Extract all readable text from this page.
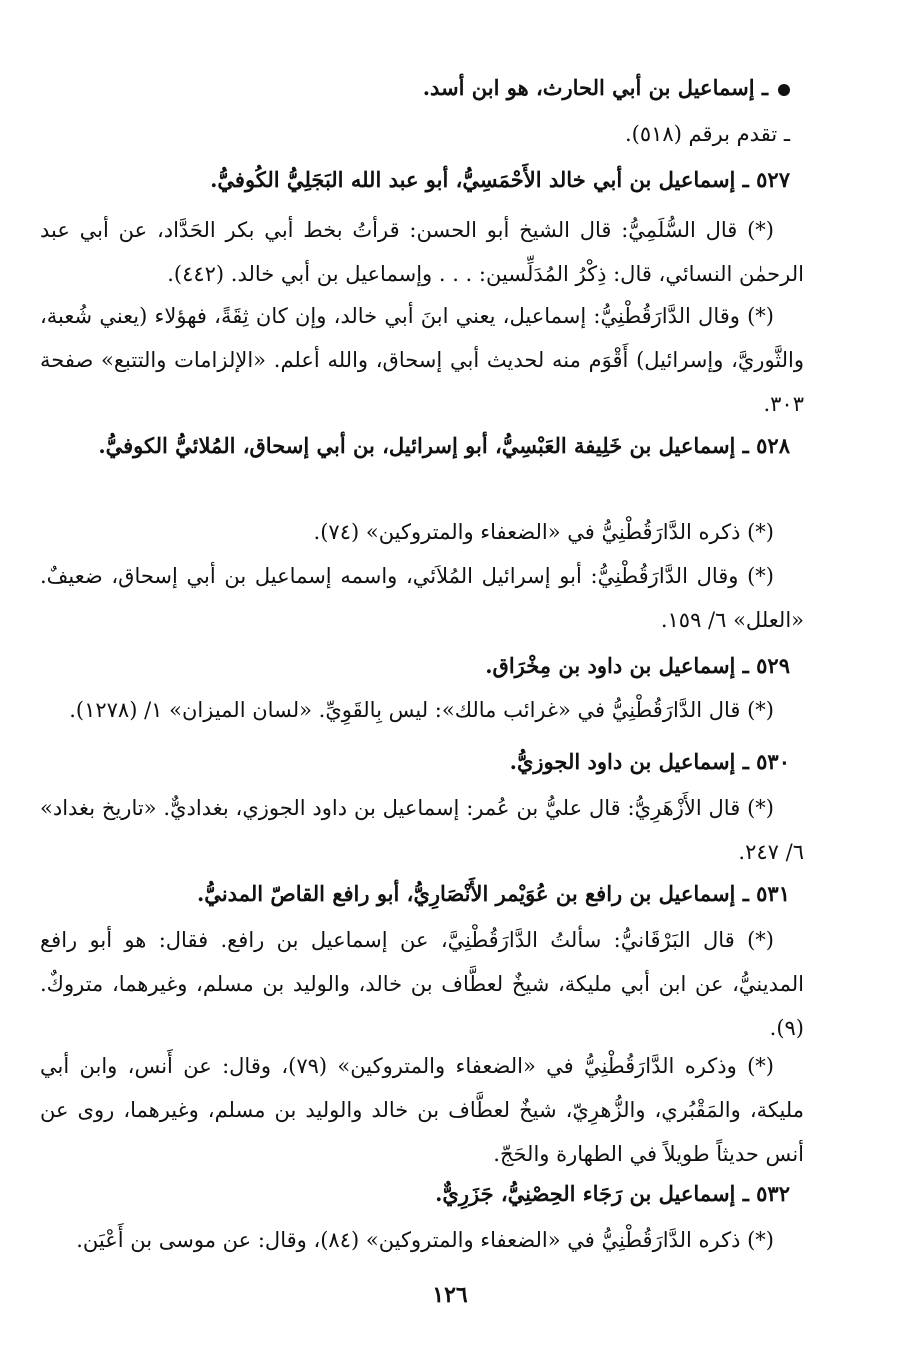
ـ إسماعيل بن أبي الحارث، هو ابن أسد.

ـ تقدم برقم (٥١٨).

٥٢٧ ـ إسماعيل بن أبي خالد الأَحْمَسِيُّ، أبو عبد الله البَجَلِيُّ الكُوفيُّ.

(*) قال السُّلَمِيُّ: قال الشيخ أبو الحسن: قرأتُ بخط أبي بكر الحَدَّاد، عن أبي عبد الرحمٰن النسائي، قال: ذِكْرُ المُدَلِّسين: . . . وإسماعيل بن أبي خالد. (٤٤٢).

(*) وقال الدَّارَقُطْنِيُّ: إسماعيل، يعني ابنَ أبي خالد، وإن كان ثِقَةً، فهؤلاء (يعني شُعبة، والثَّوريَّ، وإسرائيل) أَقْوَم منه لحديث أبي إسحاق، والله أعلم. «الإلزامات والتتبع» صفحة ٣٠٣.

٥٢٨ ـ إسماعيل بن خَلِيفة العَبْسِيُّ، أبو إسرائيل، بن أبي إسحاق، المُلائيُّ الكوفيُّ.

(*) ذكره الدَّارَقُطْنِيُّ في «الضعفاء والمتروكين» (٧٤).

(*) وقال الدَّارَقُطْنِيُّ: أبو إسرائيل المُلاَئي، واسمه إسماعيل بن أبي إسحاق، ضعيفٌ. «العلل» ٦/ ١٥٩.

٥٢٩ ـ إسماعيل بن داود بن مِخْرَاق.

(*) قال الدَّارَقُطْنِيُّ في «غرائب مالك»: ليس بِالقَوِيِّ. «لسان الميزان» ١/ (١٢٧٨).

٥٣٠ ـ إسماعيل بن داود الجوزيُّ.

(*) قال الأَزْهَرِيُّ: قال عليُّ بن عُمر: إسماعيل بن داود الجوزي، بغداديٌّ. «تاريخ بغداد» ٦/ ٢٤٧.

٥٣١ ـ إسماعيل بن رافع بن عُوَيْمر الأَنْصَارِيُّ، أبو رافع القاصّ المدنيُّ.

(*) قال البَرْقَانيُّ: سألتُ الدَّارَقُطْنِيَّ، عن إسماعيل بن رافع. فقال: هو أبو رافع المدينيُّ، عن ابن أبي مليكة، شيخٌ لعطَّاف بن خالد، والوليد بن مسلم، وغيرهما، متروكٌ. (٩).

(*) وذكره الدَّارَقُطْنِيُّ في «الضعفاء والمتروكين» (٧٩)، وقال: عن أَنس، وابن أبي مليكة، والمَقْبُري، والزُّهرِيّ، شيخٌ لعطَّاف بن خالد والوليد بن مسلم، وغيرهما، روى عن أنس حديثاً طويلاً في الطهارة والحَجّ.

٥٣٢ ـ إسماعيل بن رَجَاء الحِصْنِيُّ، جَزَرِيٌّ.

(*) ذكره الدَّارَقُطْنِيُّ في «الضعفاء والمتروكين» (٨٤)، وقال: عن موسى بن أَعْيَن.

١٢٦
